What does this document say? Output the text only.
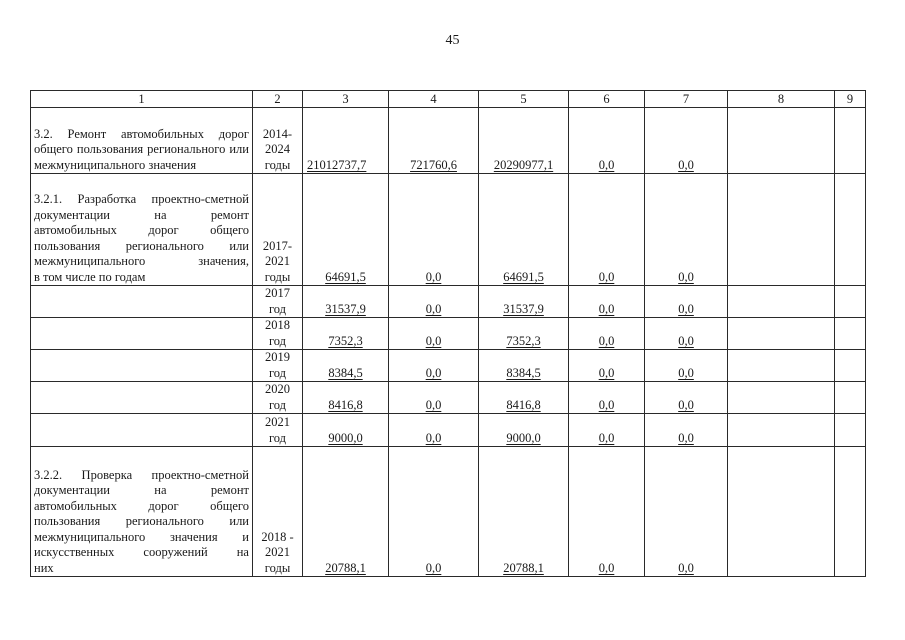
45
1	2	3	4	5	6	7	8	9
3.2. Ремонт автомобильных дорог общего пользования регионального или
межмуниципального значения	2014-2024 годы	21012737,7	721760,6	20290977,1	0,0	0,0		
3.2.1. Разработка проектно-сметной документации на ремонт автомобильных дорог общего пользования регионального или межмуниципального значения,
в том числе по годам	2017-2021 годы	64691,5	0,0	64691,5	0,0	0,0		

	2017 год	31537,9	0,0	31537,9	0,0	0,0		

	2018 год	7352,3	0,0	7352,3	0,0	0,0		

	2019 год	8384,5	0,0	8384,5	0,0	0,0		

	2020 год	8416,8	0,0	8416,8	0,0	0,0		

	2021 год	9000,0	0,0	9000,0	0,0	0,0		
3.2.2. Проверка проектно-сметной документации на ремонт автомобильных дорог общего пользования регионального или межмуниципального значения и искусственных сооружений на
них	2018 - 2021 годы	20788,1	0,0	20788,1	0,0	0,0		
